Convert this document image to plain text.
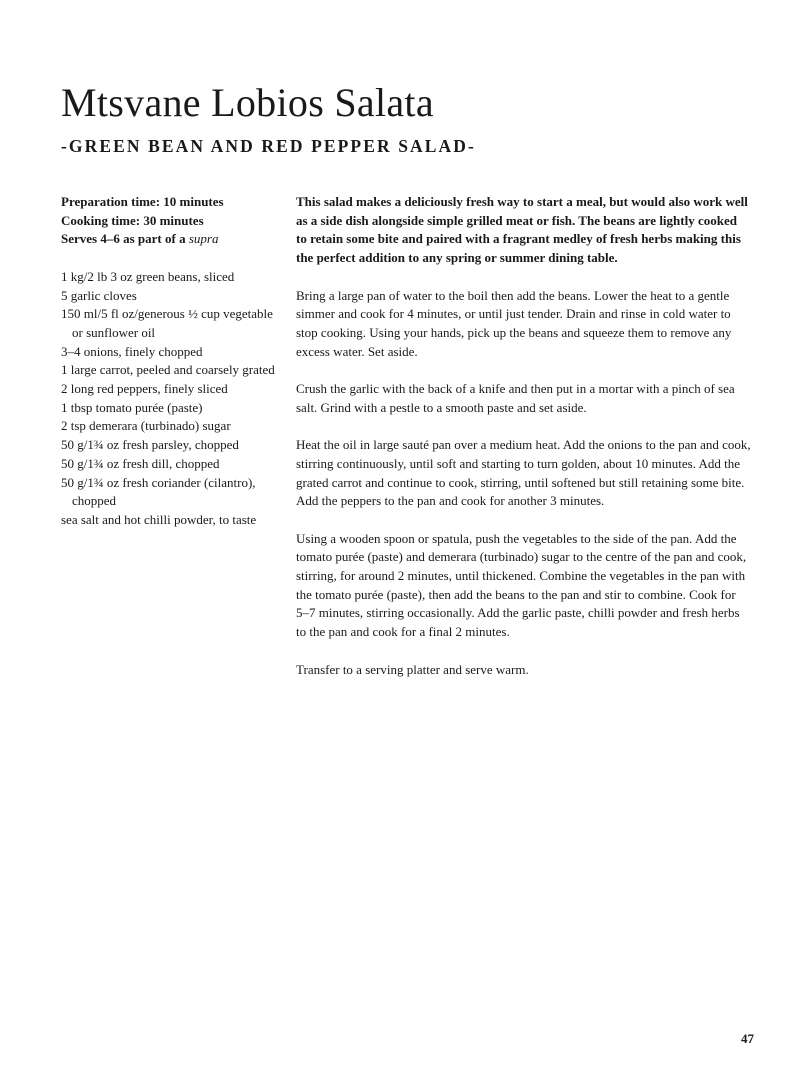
Mtsvane Lobios Salata
-GREEN BEAN AND RED PEPPER SALAD-
Preparation time: 10 minutes
Cooking time: 30 minutes
Serves 4–6 as part of a supra
1 kg/2 lb 3 oz green beans, sliced
5 garlic cloves
150 ml/5 fl oz/generous ½ cup vegetable or sunflower oil
3–4 onions, finely chopped
1 large carrot, peeled and coarsely grated
2 long red peppers, finely sliced
1 tbsp tomato purée (paste)
2 tsp demerara (turbinado) sugar
50 g/1¾ oz fresh parsley, chopped
50 g/1¾ oz fresh dill, chopped
50 g/1¾ oz fresh coriander (cilantro), chopped
sea salt and hot chilli powder, to taste

This salad makes a deliciously fresh way to start a meal, but would also work well as a side dish alongside simple grilled meat or fish. The beans are lightly cooked to retain some bite and paired with a fragrant medley of fresh herbs making this the perfect addition to any spring or summer dining table.

Bring a large pan of water to the boil then add the beans. Lower the heat to a gentle simmer and cook for 4 minutes, or until just tender. Drain and rinse in cold water to stop cooking. Using your hands, pick up the beans and squeeze them to remove any excess water. Set aside.

Crush the garlic with the back of a knife and then put in a mortar with a pinch of sea salt. Grind with a pestle to a smooth paste and set aside.

Heat the oil in large sauté pan over a medium heat. Add the onions to the pan and cook, stirring continuously, until soft and starting to turn golden, about 10 minutes. Add the grated carrot and continue to cook, stirring, until softened but still retaining some bite. Add the peppers to the pan and cook for another 3 minutes.

Using a wooden spoon or spatula, push the vegetables to the side of the pan. Add the tomato purée (paste) and demerara (turbinado) sugar to the centre of the pan and cook, stirring, for around 2 minutes, until thickened. Combine the vegetables in the pan with the tomato purée (paste), then add the beans to the pan and stir to combine. Cook for 5–7 minutes, stirring occasionally. Add the garlic paste, chilli powder and fresh herbs to the pan and cook for a final 2 minutes.

Transfer to a serving platter and serve warm.

47
